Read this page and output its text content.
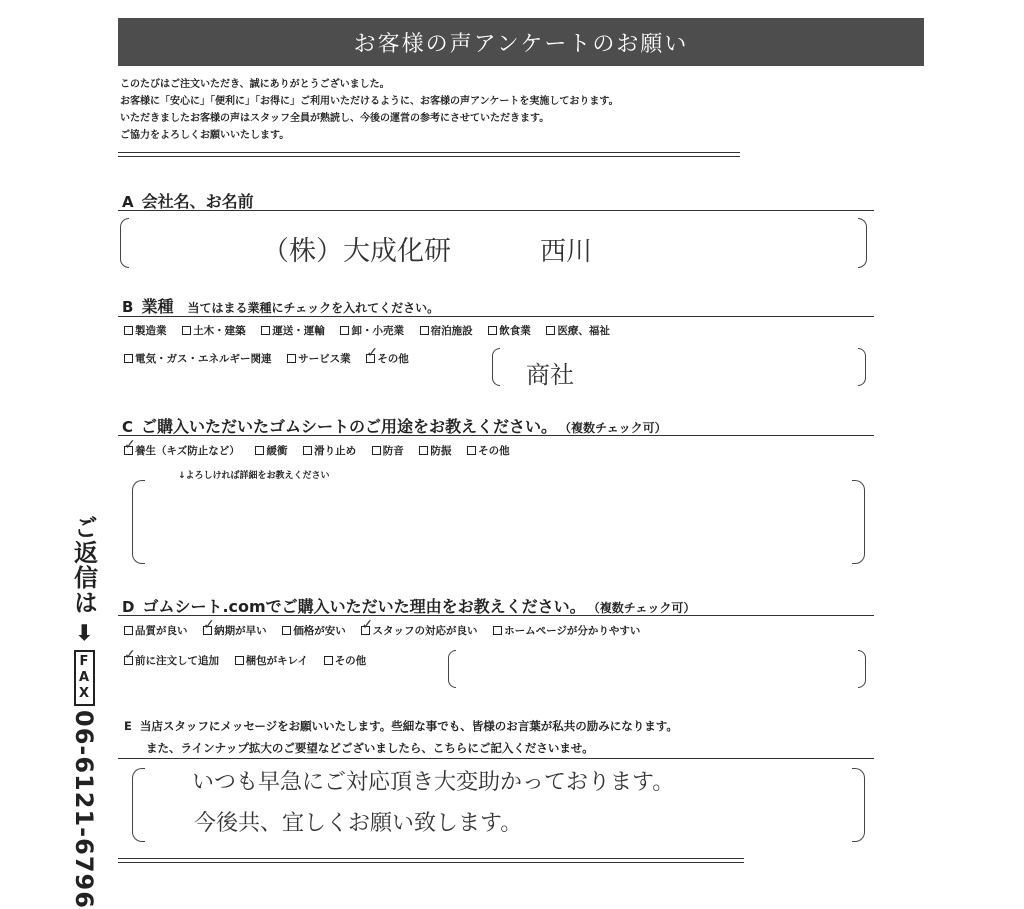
お客様の声アンケートのお願い
このたびはご注文いただき、誠にありがとうございました。
お客様に「安心に」「便利に」「お得に」ご利用いただけるように、お客様の声アンケートを実施しております。
いただきましたお客様の声はスタッフ全員が熟読し、今後の運営の参考にさせていただきます。
ご協力をよろしくお願いいたします。
A 会社名、お名前
（株）大成化研	西川
B 業種 当てはまる業種にチェックを入れてください。
製造業	土木・建築	運送・運輸	卸・小売業	宿泊施設	飲食業	医療、福祉
電気・ガス・エネルギー関連	サービス業 ✓ その他
商社
C ご購入いただいたゴムシートのご用途をお教えください。 （複数チェック可）
✓ 養生（キズ防止など）	緩衝	滑り止め	防音	防振	その他
↓よろしければ詳細をお教えください
D ゴムシート.comでご購入いただいた理由をお教えください。 （複数チェック可）
品質が良い ✓ 納期が早い	価格が安い ✓ スタッフの対応が良い	ホームページが分かりやすい
✓ 前に注文して追加	梱包がキレイ	その他
E 当店スタッフにメッセージをお願いいたします。些細な事でも、皆様のお言葉が私共の励みになります。
また、ラインナップ拡大のご要望などございましたら、こちらにご記入くださいませ。
いつも早急にご対応頂き大変助かっております。
今後共、宜しくお願い致します。
ご返信は
➡
FAX
06-6121-6796
